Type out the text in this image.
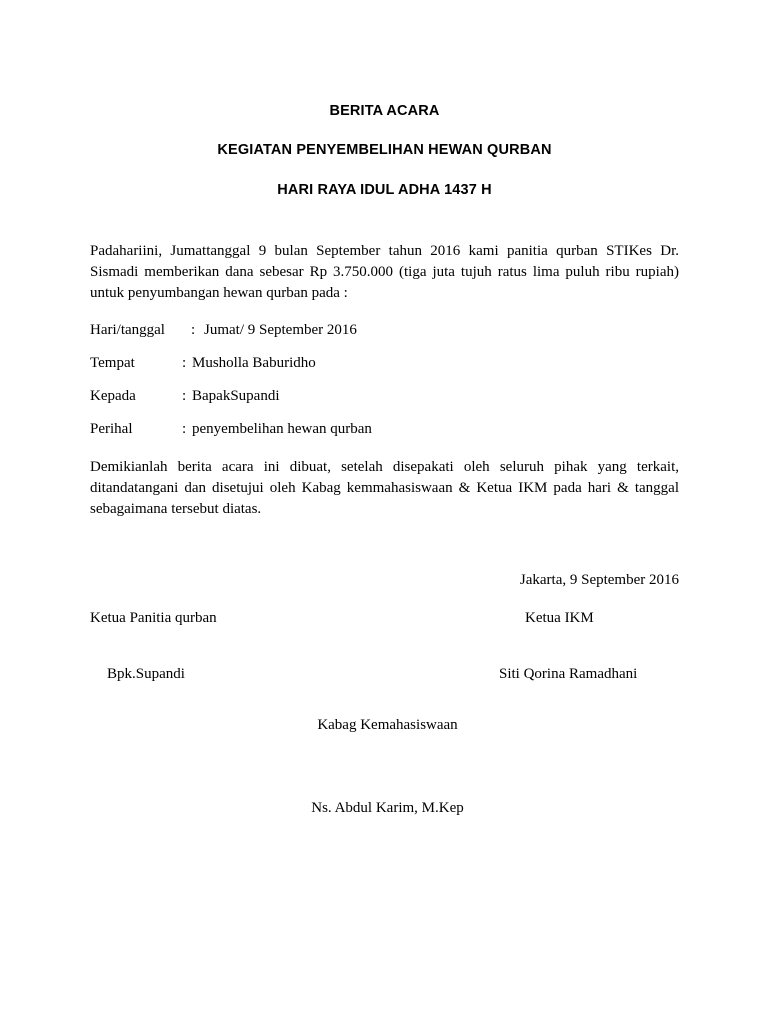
BERITA ACARA
KEGIATAN PENYEMBELIHAN HEWAN QURBAN
HARI RAYA IDUL ADHA 1437 H

Padahariini, Jumattanggal 9 bulan September tahun 2016 kami panitia qurban STIKes Dr. Sismadi memberikan dana sebesar Rp 3.750.000 (tiga juta tujuh ratus lima puluh ribu rupiah) untuk penyumbangan hewan qurban pada :

Hari/tanggal : Jumat/ 9 September 2016
Tempat	: Musholla Baburidho
Kepada	: BapakSupandi
Perihal	: penyembelihan hewan qurban

Demikianlah berita acara ini dibuat, setelah disepakati oleh seluruh pihak yang terkait, ditandatangani dan disetujui oleh Kabag kemmahasiswaan & Ketua IKM pada hari & tanggal sebagaimana tersebut diatas.

Jakarta, 9 September 2016
Ketua Panitia qurban	Ketua IKM
Bpk.Supandi	Siti Qorina Ramadhani
Kabag Kemahasiswaan
Ns. Abdul Karim, M.Kep
